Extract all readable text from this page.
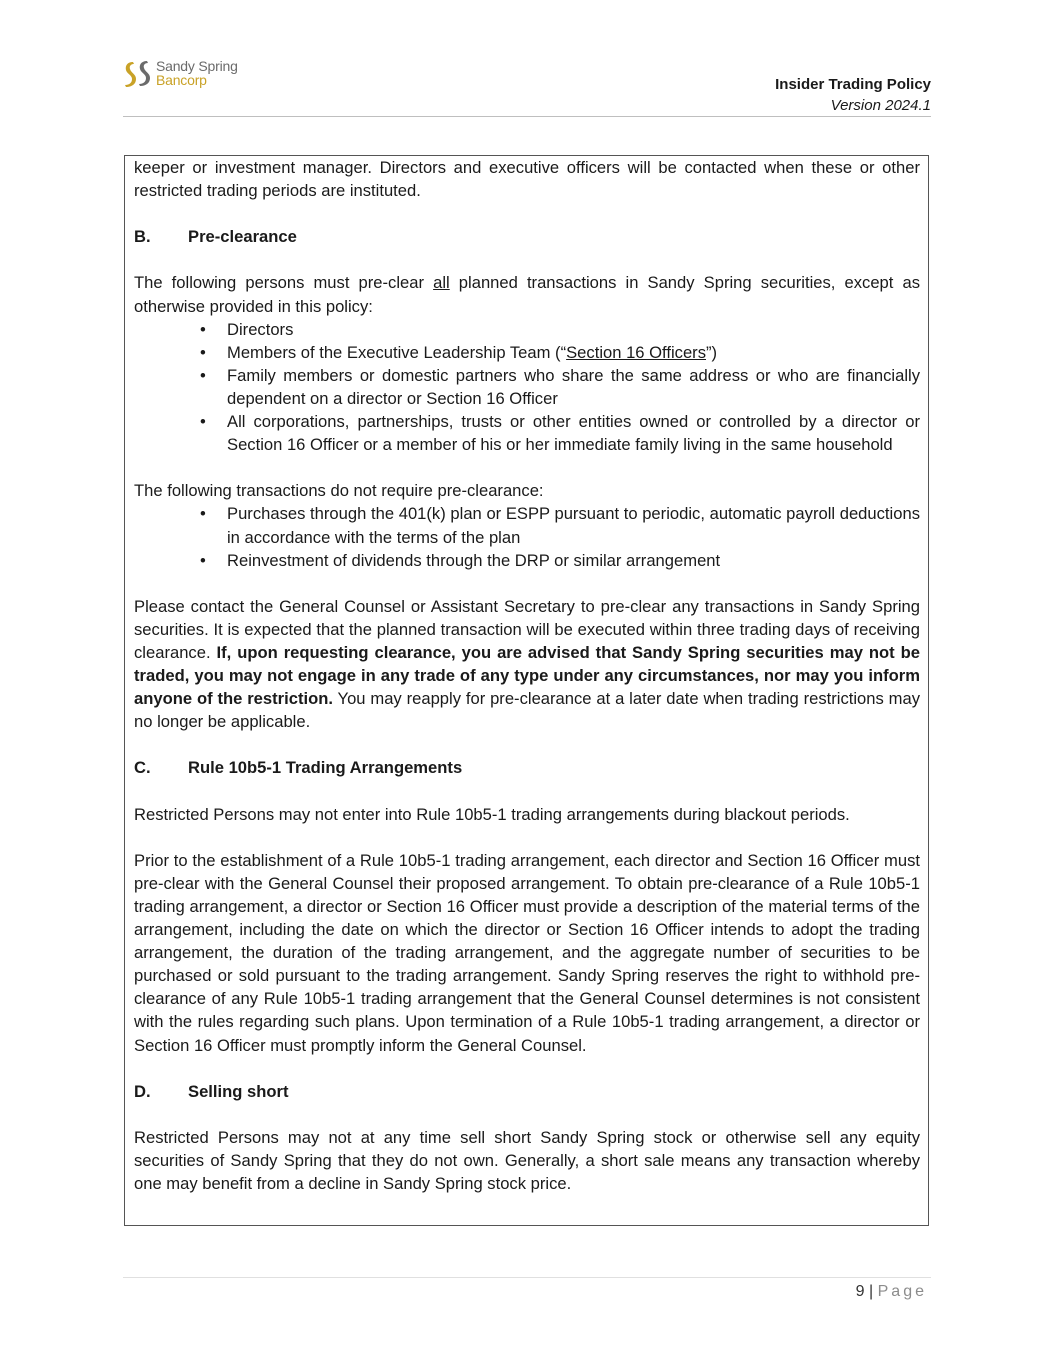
Sandy Spring
Bancorp	Insider Trading Policy
Version 2024.1

keeper or investment manager. Directors and executive officers will be contacted when these or other restricted trading periods are instituted.

B.	Pre-clearance

The following persons must pre-clear all planned transactions in Sandy Spring securities, except as otherwise provided in this policy:

• Directors
• Members of the Executive Leadership Team (“Section 16 Officers”)
• Family members or domestic partners who share the same address or who are financially dependent on a director or Section 16 Officer
• All corporations, partnerships, trusts or other entities owned or controlled by a director or Section 16 Officer or a member of his or her immediate family living in the same household

The following transactions do not require pre-clearance:

• Purchases through the 401(k) plan or ESPP pursuant to periodic, automatic payroll deductions in accordance with the terms of the plan
• Reinvestment of dividends through the DRP or similar arrangement

Please contact the General Counsel or Assistant Secretary to pre-clear any transactions in Sandy Spring securities. It is expected that the planned transaction will be executed within three trading days of receiving clearance. If, upon requesting clearance, you are advised that Sandy Spring securities may not be traded, you may not engage in any trade of any type under any circumstances, nor may you inform anyone of the restriction. You may reapply for pre-clearance at a later date when trading restrictions may no longer be applicable.

C.	Rule 10b5-1 Trading Arrangements

Restricted Persons may not enter into Rule 10b5-1 trading arrangements during blackout periods.

Prior to the establishment of a Rule 10b5-1 trading arrangement, each director and Section 16 Officer must pre-clear with the General Counsel their proposed arrangement. To obtain pre-clearance of a Rule 10b5-1 trading arrangement, a director or Section 16 Officer must provide a description of the material terms of the arrangement, including the date on which the director or Section 16 Officer intends to adopt the trading arrangement, the duration of the trading arrangement, and the aggregate number of securities to be purchased or sold pursuant to the trading arrangement. Sandy Spring reserves the right to withhold pre-clearance of any Rule 10b5-1 trading arrangement that the General Counsel determines is not consistent with the rules regarding such plans. Upon termination of a Rule 10b5-1 trading arrangement, a director or Section 16 Officer must promptly inform the General Counsel.

D.	Selling short

Restricted Persons may not at any time sell short Sandy Spring stock or otherwise sell any equity securities of Sandy Spring that they do not own. Generally, a short sale means any transaction whereby one may benefit from a decline in Sandy Spring stock price.

9 | Page
